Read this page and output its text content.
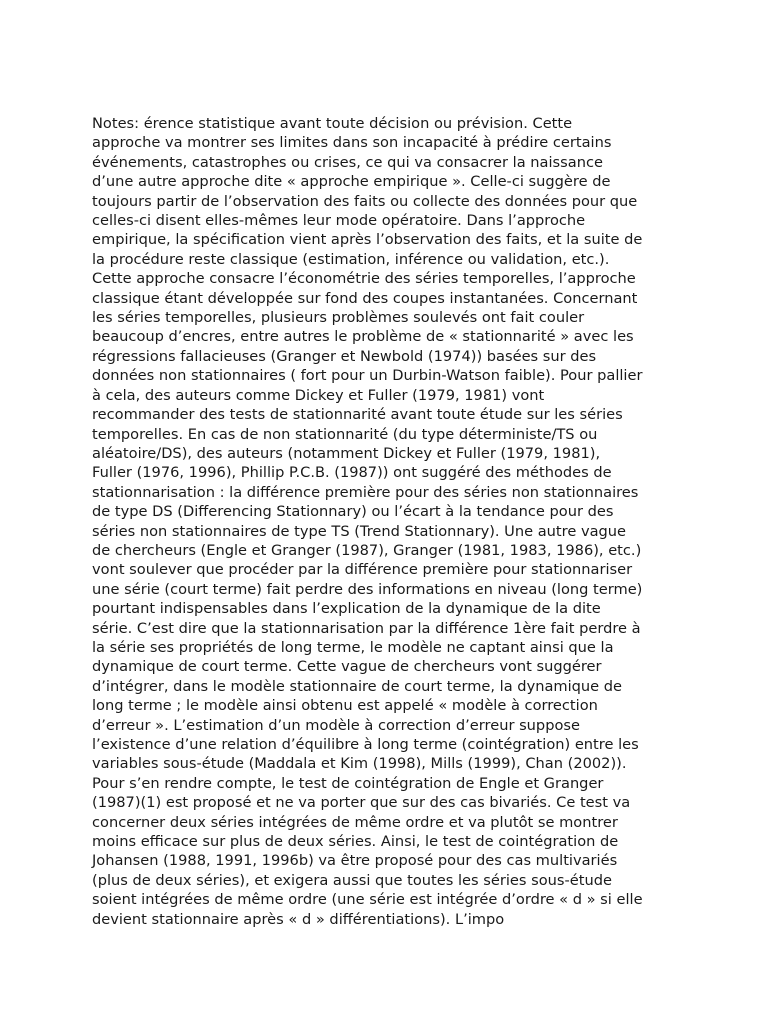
Notes: érence statistique avant toute décision ou prévision. Cette
approche va montrer ses limites dans son incapacité à prédire certains
événements, catastrophes ou crises, ce qui va consacrer la naissance
d’une autre approche dite « approche empirique ». Celle-ci suggère de
toujours partir de l’observation des faits ou collecte des données pour que
celles-ci disent elles-mêmes leur mode opératoire. Dans l’approche
empirique, la spécification vient après l’observation des faits, et la suite de
la procédure reste classique (estimation, inférence ou validation, etc.).
Cette approche consacre l’économétrie des séries temporelles, l’approche
classique étant développée sur fond des coupes instantanées. Concernant
les séries temporelles, plusieurs problèmes soulevés ont fait couler
beaucoup d’encres, entre autres le problème de « stationnarité » avec les
régressions fallacieuses (Granger et Newbold (1974)) basées sur des
données non stationnaires ( fort pour un Durbin-Watson faible). Pour pallier
à cela, des auteurs comme Dickey et Fuller (1979, 1981) vont
recommander des tests de stationnarité avant toute étude sur les séries
temporelles. En cas de non stationnarité (du type déterministe/TS ou
aléatoire/DS), des auteurs (notamment Dickey et Fuller (1979, 1981),
Fuller (1976, 1996), Phillip P.C.B. (1987)) ont suggéré des méthodes de
stationnarisation : la différence première pour des séries non stationnaires
de type DS (Differencing Stationnary) ou l’écart à la tendance pour des
séries non stationnaires de type TS (Trend Stationnary). Une autre vague
de chercheurs (Engle et Granger (1987), Granger (1981, 1983, 1986), etc.)
vont soulever que procéder par la différence première pour stationnariser
une série (court terme) fait perdre des informations en niveau (long terme)
pourtant indispensables dans l’explication de la dynamique de la dite
série. C’est dire que la stationnarisation par la différence 1ère fait perdre à
la série ses propriétés de long terme, le modèle ne captant ainsi que la
dynamique de court terme. Cette vague de chercheurs vont suggérer
d’intégrer, dans le modèle stationnaire de court terme, la dynamique de
long terme ; le modèle ainsi obtenu est appelé « modèle à correction
d’erreur ». L’estimation d’un modèle à correction d’erreur suppose
l’existence d’une relation d’équilibre à long terme (cointégration) entre les
variables sous-étude (Maddala et Kim (1998), Mills (1999), Chan (2002)).
Pour s’en rendre compte, le test de cointégration de Engle et Granger
(1987)(1) est proposé et ne va porter que sur des cas bivariés. Ce test va
concerner deux séries intégrées de même ordre et va plutôt se montrer
moins efficace sur plus de deux séries. Ainsi, le test de cointégration de
Johansen (1988, 1991, 1996b) va être proposé pour des cas multivariés
(plus de deux séries), et exigera aussi que toutes les séries sous-étude
soient intégrées de même ordre (une série est intégrée d’ordre « d » si elle
devient stationnaire après « d » différentiations). L’impo
